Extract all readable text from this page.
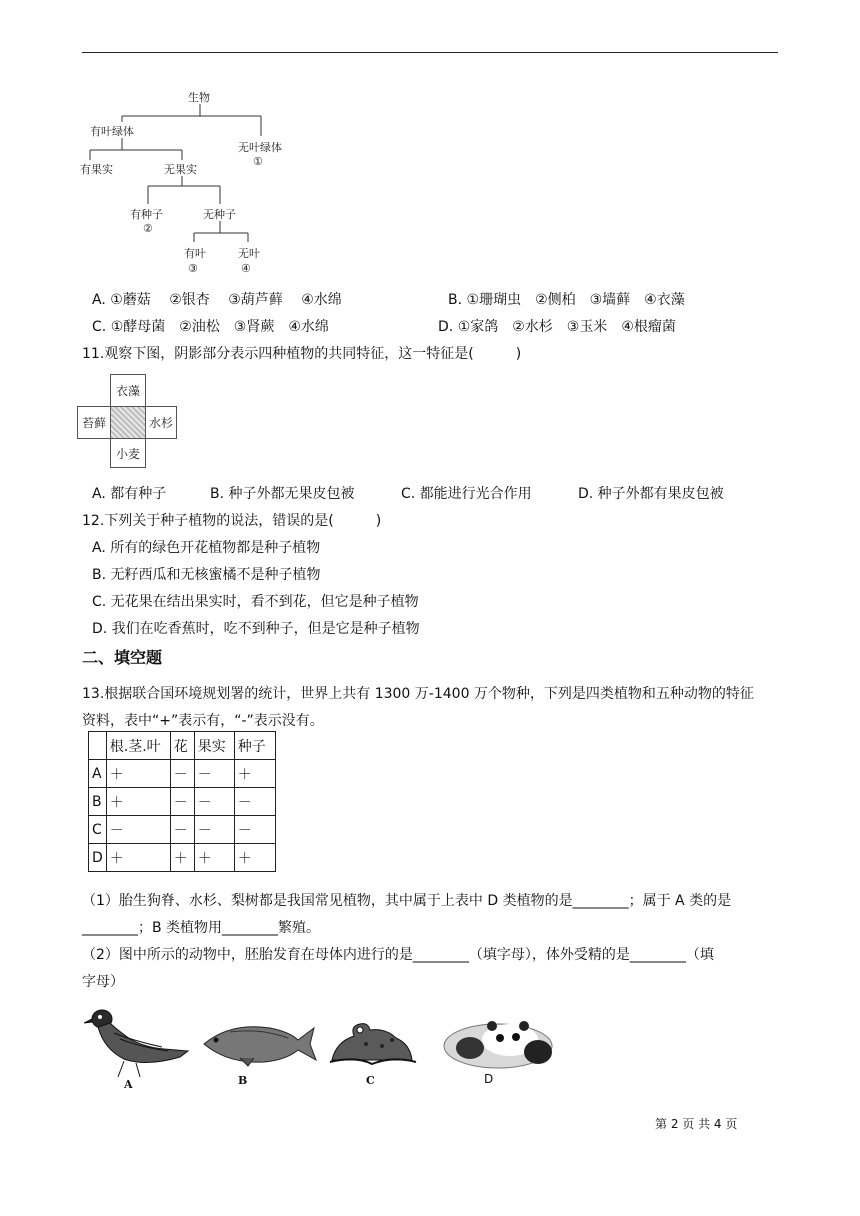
生物
有叶绿体
无叶绿体
①
有果实	无果实
有种子
②
无种子
有叶
③
无叶
④
A. ①蘑菇　 ②银杏　 ③葫芦藓　 ④水绵	B. ①珊瑚虫　②侧柏　③墙藓　④衣藻
C. ①酵母菌　②油松　③肾蕨　④水绵	D. ①家鸽　②水杉　③玉米　④根瘤菌
11.观察下图，阴影部分表示四种植物的共同特征，这一特征是(　　　)
衣藻
苔藓	水杉
小麦
A. 都有种子	B. 种子外都无果皮包被	C. 都能进行光合作用	D. 种子外都有果皮包被
12.下列关于种子植物的说法，错误的是(　　　)
A. 所有的绿色开花植物都是种子植物
B. 无籽西瓜和无核蜜橘不是种子植物
C. 无花果在结出果实时，看不到花，但它是种子植物
D. 我们在吃香蕉时，吃不到种子，但是它是种子植物
二、填空题
13.根据联合国环境规划署的统计，世界上共有 1300 万-1400 万个物种，下列是四类植物和五种动物的特征
资料，表中“+”表示有，“-”表示没有。
	根.茎.叶	花	果实	种子
A	＋	－	－	＋
B	＋	－	－	－
C	－	－	－	－
D	＋	＋	＋	＋
（1）胎生狗脊、水杉、梨树都是我国常见植物，其中属于上表中 D 类植物的是________；属于 A 类的是
________；B 类植物用________繁殖。
（2）图中所示的动物中，胚胎发育在母体内进行的是________（填字母），体外受精的是________（填
字母）
A	B	C	D
第 2 页 共 4 页
